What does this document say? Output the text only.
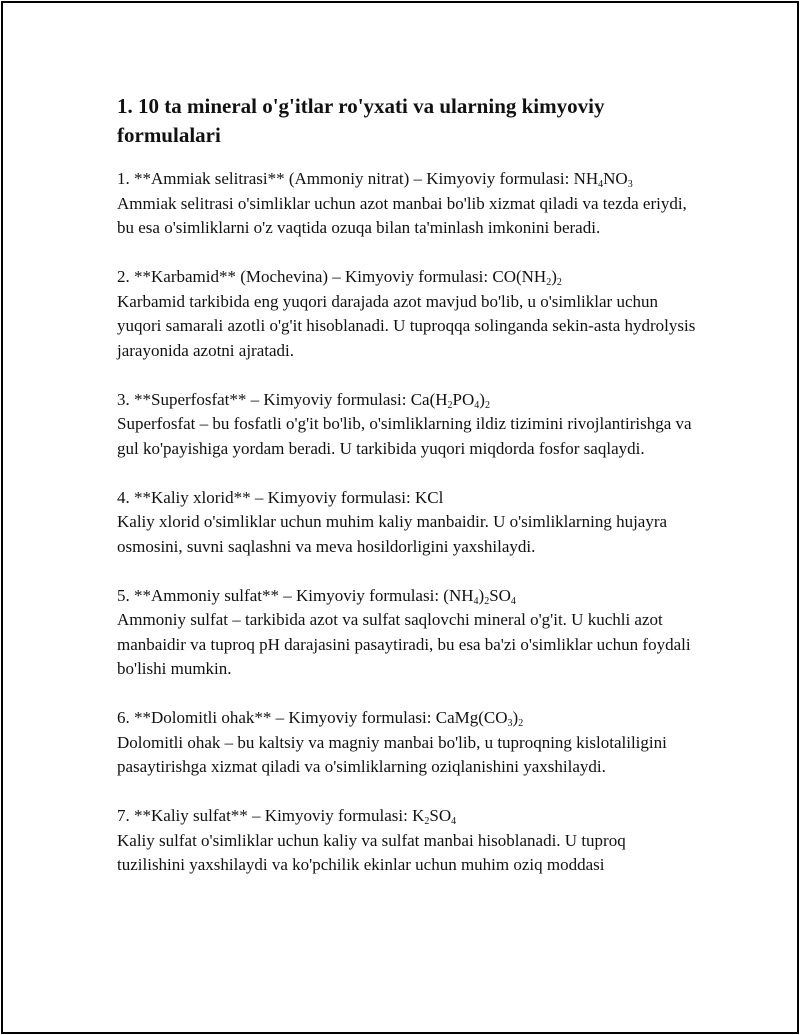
1. 10 ta mineral o'g'itlar ro'yxati va ularning kimyoviy formulalari
1. **Ammiak selitrasi** (Ammoniy nitrat) – Kimyoviy formulasi: $NH_4NO_3$
Ammiak selitrasi o'simliklar uchun azot manbai bo'lib xizmat qiladi va tezda eriydi, bu esa o'simliklarni o'z vaqtida ozuqa bilan ta'minlash imkonini beradi.
2. **Karbamid** (Mochevina) – Kimyoviy formulasi: $CO(NH_2)_2$
Karbamid tarkibida eng yuqori darajada azot mavjud bo'lib, u o'simliklar uchun yuqori samarali azotli o'g'it hisoblanadi. U tuproqqa solinganda sekin-asta hydrolysis jarayonida azotni ajratadi.
3. **Superfosfat** – Kimyoviy formulasi: $Ca(H_2PO_4)_2$
Superfosfat – bu fosfatli o'g'it bo'lib, o'simliklarning ildiz tizimini rivojlantirishga va gul ko'payishiga yordam beradi. U tarkibida yuqori miqdorda fosfor saqlaydi.
4. **Kaliy xlorid** – Kimyoviy formulasi: KCl
Kaliy xlorid o'simliklar uchun muhim kaliy manbaidir. U o'simliklarning hujayra osmosini, suvni saqlashni va meva hosildorligini yaxshilaydi.
5. **Ammoniy sulfat** – Kimyoviy formulasi: $(NH_4)_2SO_4$
Ammoniy sulfat – tarkibida azot va sulfat saqlovchi mineral o'g'it. U kuchli azot manbaidir va tuproq pH darajasini pasaytiradi, bu esa ba'zi o'simliklar uchun foydali bo'lishi mumkin.
6. **Dolomitli ohak** – Kimyoviy formulasi: $CaMg(CO_3)_2$
Dolomitli ohak – bu kaltsiy va magniy manbai bo'lib, u tuproqning kislotaliligini pasaytirishga xizmat qiladi va o'simliklarning oziqlanishini yaxshilaydi.
7. **Kaliy sulfat** – Kimyoviy formulasi: $K_2SO_4$
Kaliy sulfat o'simliklar uchun kaliy va sulfat manbai hisoblanadi. U tuproq tuzilishini yaxshilaydi va ko'pchilik ekinlar uchun muhim oziq moddasi
